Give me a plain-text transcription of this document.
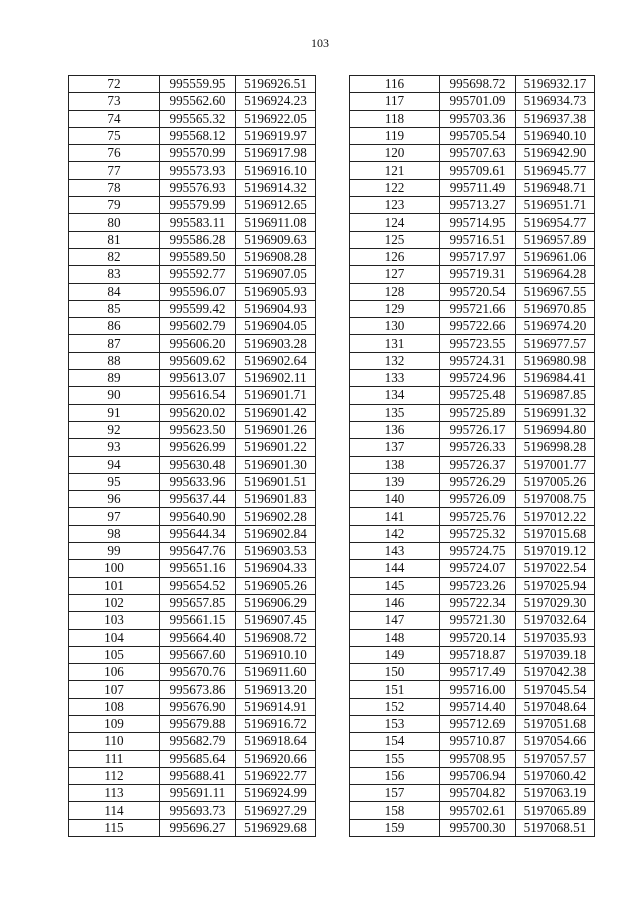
103
72	995559.95	5196926.51
73	995562.60	5196924.23
74	995565.32	5196922.05
75	995568.12	5196919.97
76	995570.99	5196917.98
77	995573.93	5196916.10
78	995576.93	5196914.32
79	995579.99	5196912.65
80	995583.11	5196911.08
81	995586.28	5196909.63
82	995589.50	5196908.28
83	995592.77	5196907.05
84	995596.07	5196905.93
85	995599.42	5196904.93
86	995602.79	5196904.05
87	995606.20	5196903.28
88	995609.62	5196902.64
89	995613.07	5196902.11
90	995616.54	5196901.71
91	995620.02	5196901.42
92	995623.50	5196901.26
93	995626.99	5196901.22
94	995630.48	5196901.30
95	995633.96	5196901.51
96	995637.44	5196901.83
97	995640.90	5196902.28
98	995644.34	5196902.84
99	995647.76	5196903.53
100	995651.16	5196904.33
101	995654.52	5196905.26
102	995657.85	5196906.29
103	995661.15	5196907.45
104	995664.40	5196908.72
105	995667.60	5196910.10
106	995670.76	5196911.60
107	995673.86	5196913.20
108	995676.90	5196914.91
109	995679.88	5196916.72
110	995682.79	5196918.64
111	995685.64	5196920.66
112	995688.41	5196922.77
113	995691.11	5196924.99
114	995693.73	5196927.29
115	995696.27	5196929.68
116	995698.72	5196932.17
117	995701.09	5196934.73
118	995703.36	5196937.38
119	995705.54	5196940.10
120	995707.63	5196942.90
121	995709.61	5196945.77
122	995711.49	5196948.71
123	995713.27	5196951.71
124	995714.95	5196954.77
125	995716.51	5196957.89
126	995717.97	5196961.06
127	995719.31	5196964.28
128	995720.54	5196967.55
129	995721.66	5196970.85
130	995722.66	5196974.20
131	995723.55	5196977.57
132	995724.31	5196980.98
133	995724.96	5196984.41
134	995725.48	5196987.85
135	995725.89	5196991.32
136	995726.17	5196994.80
137	995726.33	5196998.28
138	995726.37	5197001.77
139	995726.29	5197005.26
140	995726.09	5197008.75
141	995725.76	5197012.22
142	995725.32	5197015.68
143	995724.75	5197019.12
144	995724.07	5197022.54
145	995723.26	5197025.94
146	995722.34	5197029.30
147	995721.30	5197032.64
148	995720.14	5197035.93
149	995718.87	5197039.18
150	995717.49	5197042.38
151	995716.00	5197045.54
152	995714.40	5197048.64
153	995712.69	5197051.68
154	995710.87	5197054.66
155	995708.95	5197057.57
156	995706.94	5197060.42
157	995704.82	5197063.19
158	995702.61	5197065.89
159	995700.30	5197068.51
